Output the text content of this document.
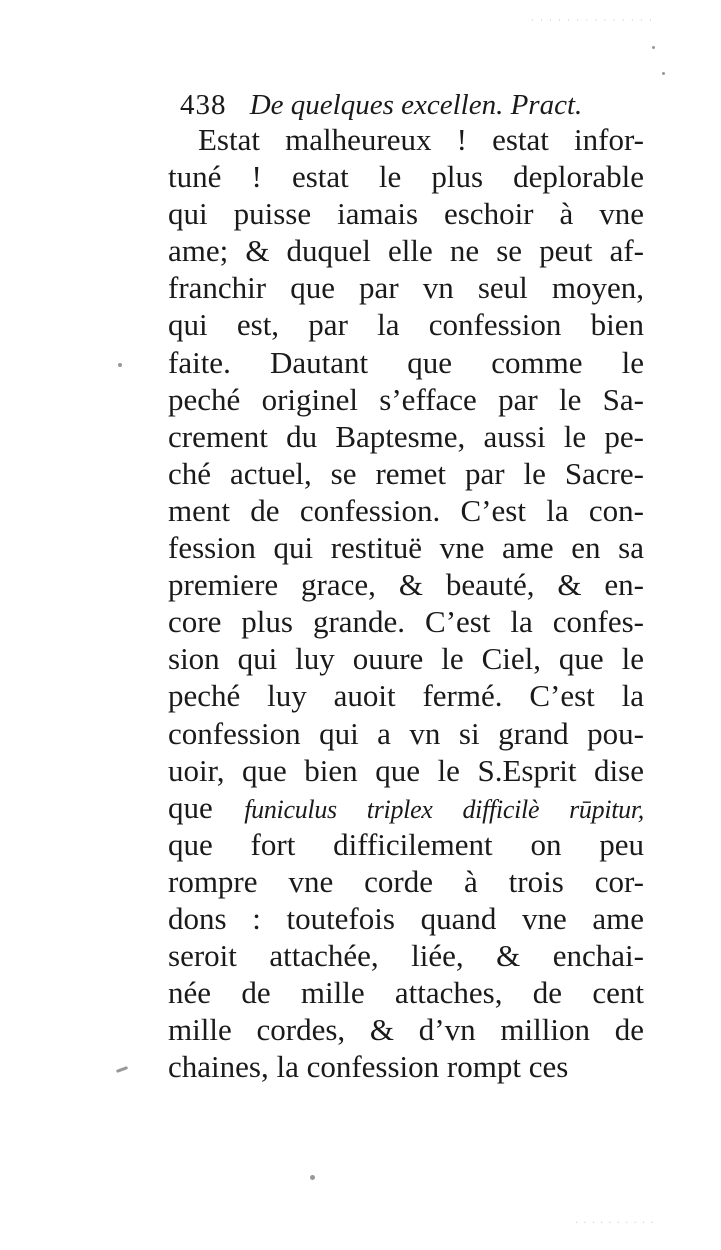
· · · · · · · · · · · · · ·
438 De quelques excellen. Pract.
Estat malheureux ! estat infor-
tuné ! estat le plus deplorable
qui puisse iamais eschoir à vne
ame; & duquel elle ne se peut af-
franchir que par vn seul moyen,
qui est, par la confession bien
faite. Dautant que comme le
peché originel s’efface par le Sa-
crement du Baptesme, aussi le pe-
ché actuel, se remet par le Sacre-
ment de confession. C’est la con-
fession qui restituë vne ame en sa
premiere grace, & beauté, & en-
core plus grande. C’est la confes-
sion qui luy ouure le Ciel, que le
peché luy auoit fermé. C’est la
confession qui a vn si grand pou-
uoir, que bien que le S.Esprit dise
que funiculus triplex difficilè rūpitur,
que fort difficilement on peu
rompre vne corde à trois cor-
dons : toutefois quand vne ame
seroit attachée, liée, & enchai-
née de mille attaches, de cent
mille cordes, & d’vn million de
chaines, la confession rompt ces
· · · · · · · · · ·
